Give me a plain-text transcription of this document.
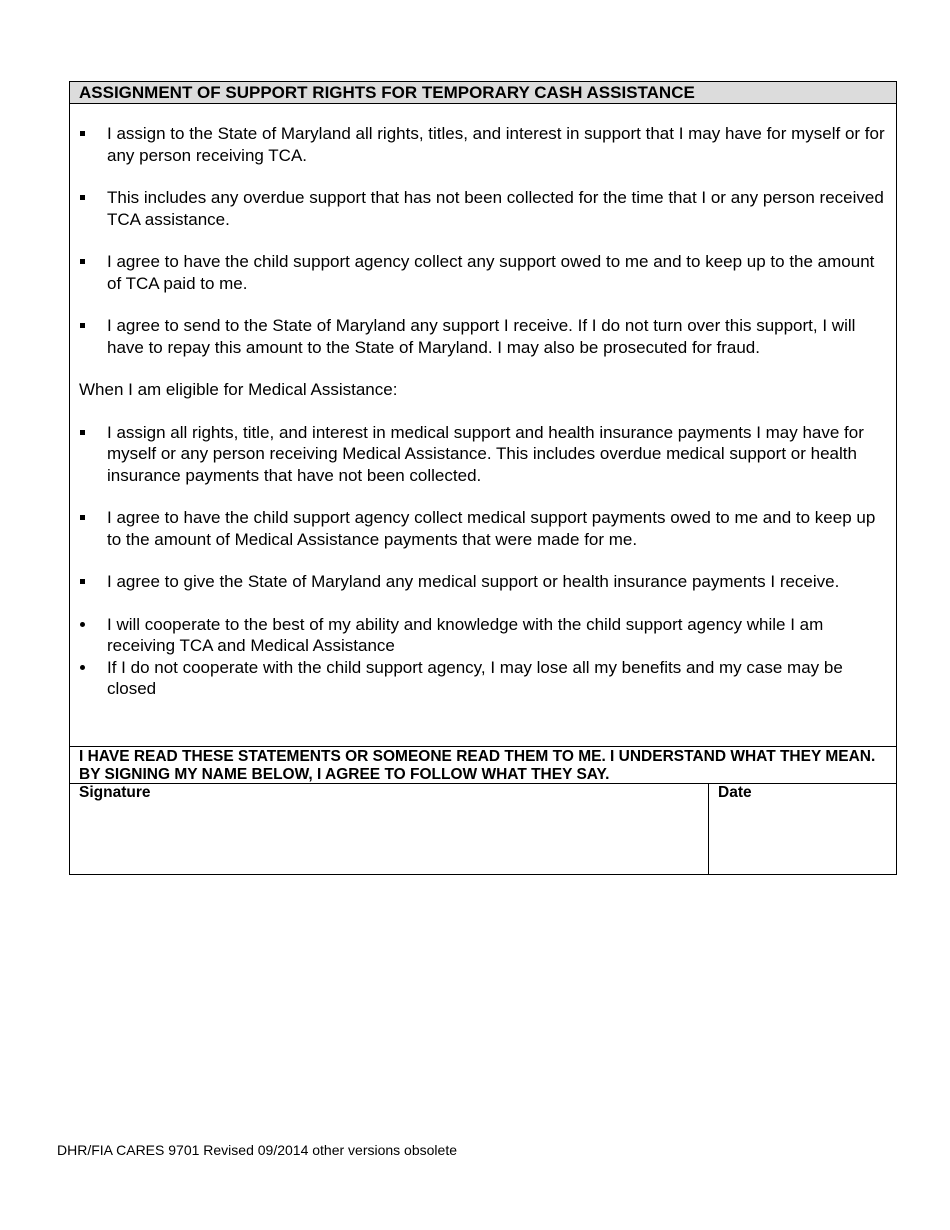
ASSIGNMENT OF SUPPORT RIGHTS FOR TEMPORARY CASH ASSISTANCE
I assign to the State of Maryland all rights, titles, and interest in support that I may have for myself or for any person receiving TCA.
This includes any overdue support that has not been collected for the time that I or any person received TCA assistance.
I agree to have the child support agency collect any support owed to me and to keep up to the amount of TCA paid to me.
I agree to send to the State of Maryland any support I receive. If I do not turn over this support, I will have to repay this amount to the State of Maryland. I may also be prosecuted for fraud.
When I am eligible for Medical Assistance:
I assign all rights, title, and interest in medical support and health insurance payments I may have for myself or any person receiving Medical Assistance. This includes overdue medical support or health insurance payments that have not been collected.
I agree to have the child support agency collect medical support payments owed to me and to keep up to the amount of Medical Assistance payments that were made for me.
I agree to give the State of Maryland any medical support or health insurance payments I receive.
I will cooperate to the best of my ability and knowledge with the child support agency while I am receiving TCA and Medical Assistance
If I do not cooperate with the child support agency, I may lose all my benefits and my case may be closed
I HAVE READ THESE STATEMENTS OR SOMEONE READ THEM TO ME. I UNDERSTAND WHAT THEY MEAN. BY SIGNING MY NAME BELOW, I AGREE TO FOLLOW WHAT THEY SAY.
Signature	Date
DHR/FIA CARES 9701 Revised 09/2014 other versions obsolete
